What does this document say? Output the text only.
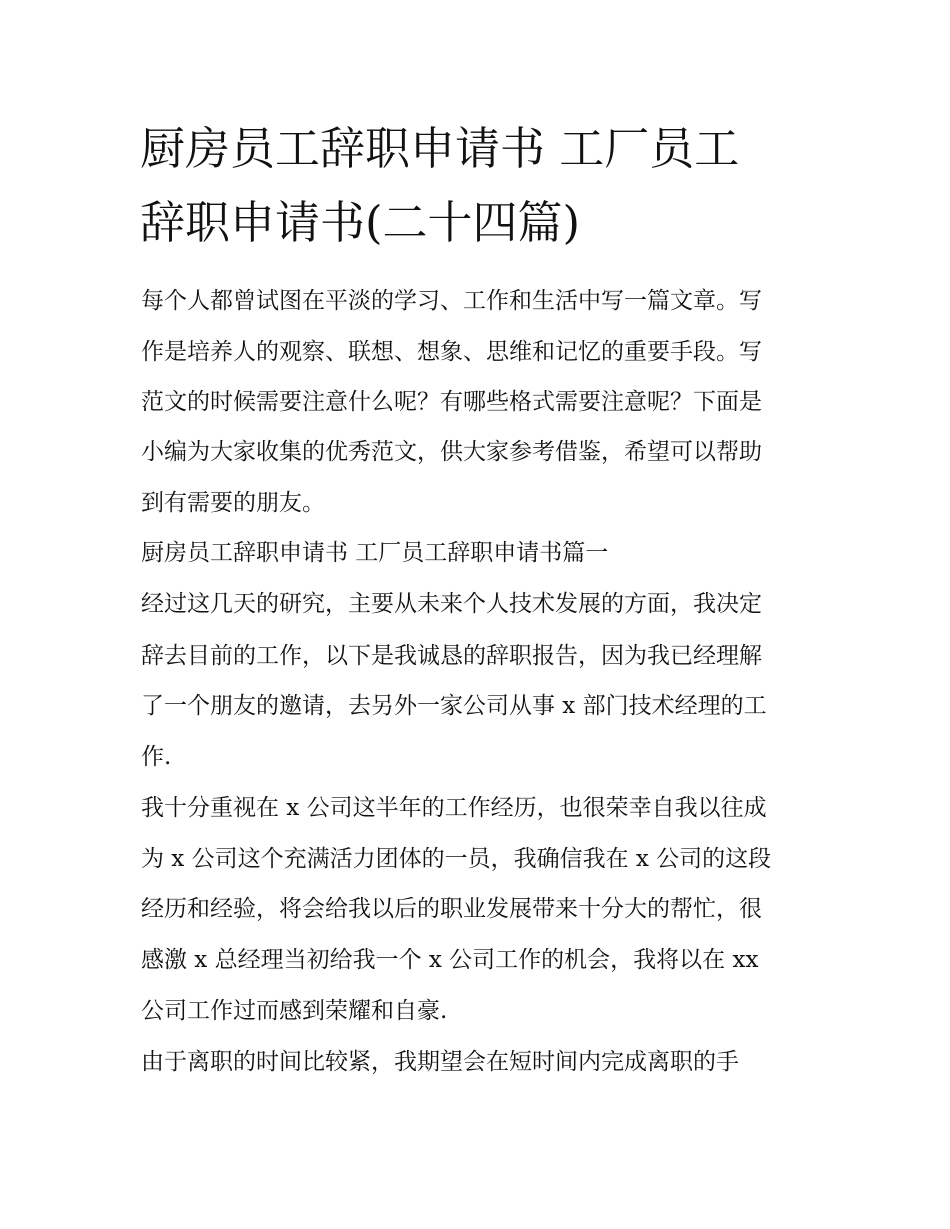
厨房员工辞职申请书 工厂员工
辞职申请书(二十四篇)
每个人都曾试图在平淡的学习、工作和生活中写一篇文章。写
作是培养人的观察、联想、想象、思维和记忆的重要手段。写
范文的时候需要注意什么呢？有哪些格式需要注意呢？下面是
小编为大家收集的优秀范文，供大家参考借鉴，希望可以帮助
到有需要的朋友。
厨房员工辞职申请书 工厂员工辞职申请书篇一
经过这几天的研究，主要从未来个人技术发展的方面，我决定
辞去目前的工作，以下是我诚恳的辞职报告，因为我已经理解
了一个朋友的邀请，去另外一家公司从事 x 部门技术经理的工
作.
我十分重视在 x 公司这半年的工作经历，也很荣幸自我以往成
为 x 公司这个充满活力团体的一员，我确信我在 x 公司的这段
经历和经验，将会给我以后的职业发展带来十分大的帮忙，很
感激 x 总经理当初给我一个 x 公司工作的机会，我将以在 xx
公司工作过而感到荣耀和自豪.
由于离职的时间比较紧，我期望会在短时间内完成离职的手
